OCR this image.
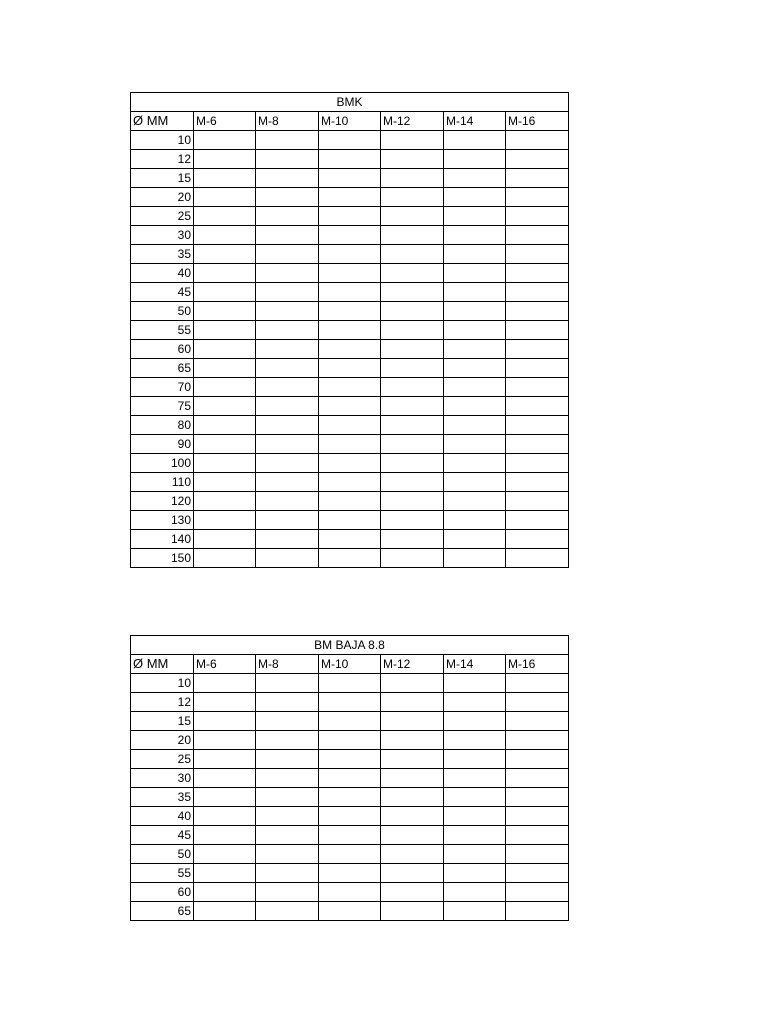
BMK						
Ø MM	M-6	M-8	M-10	M-12	M-14	M-16
10						
12						
15						
20						
25						
30						
35						
40						
45						
50						
55						
60						
65						
70						
75						
80						
90						
100						
110						
120						
130						
140						
150						
BM BAJA 8.8						
Ø MM	M-6	M-8	M-10	M-12	M-14	M-16
10						
12						
15						
20						
25						
30						
35						
40						
45						
50						
55						
60						
65						
